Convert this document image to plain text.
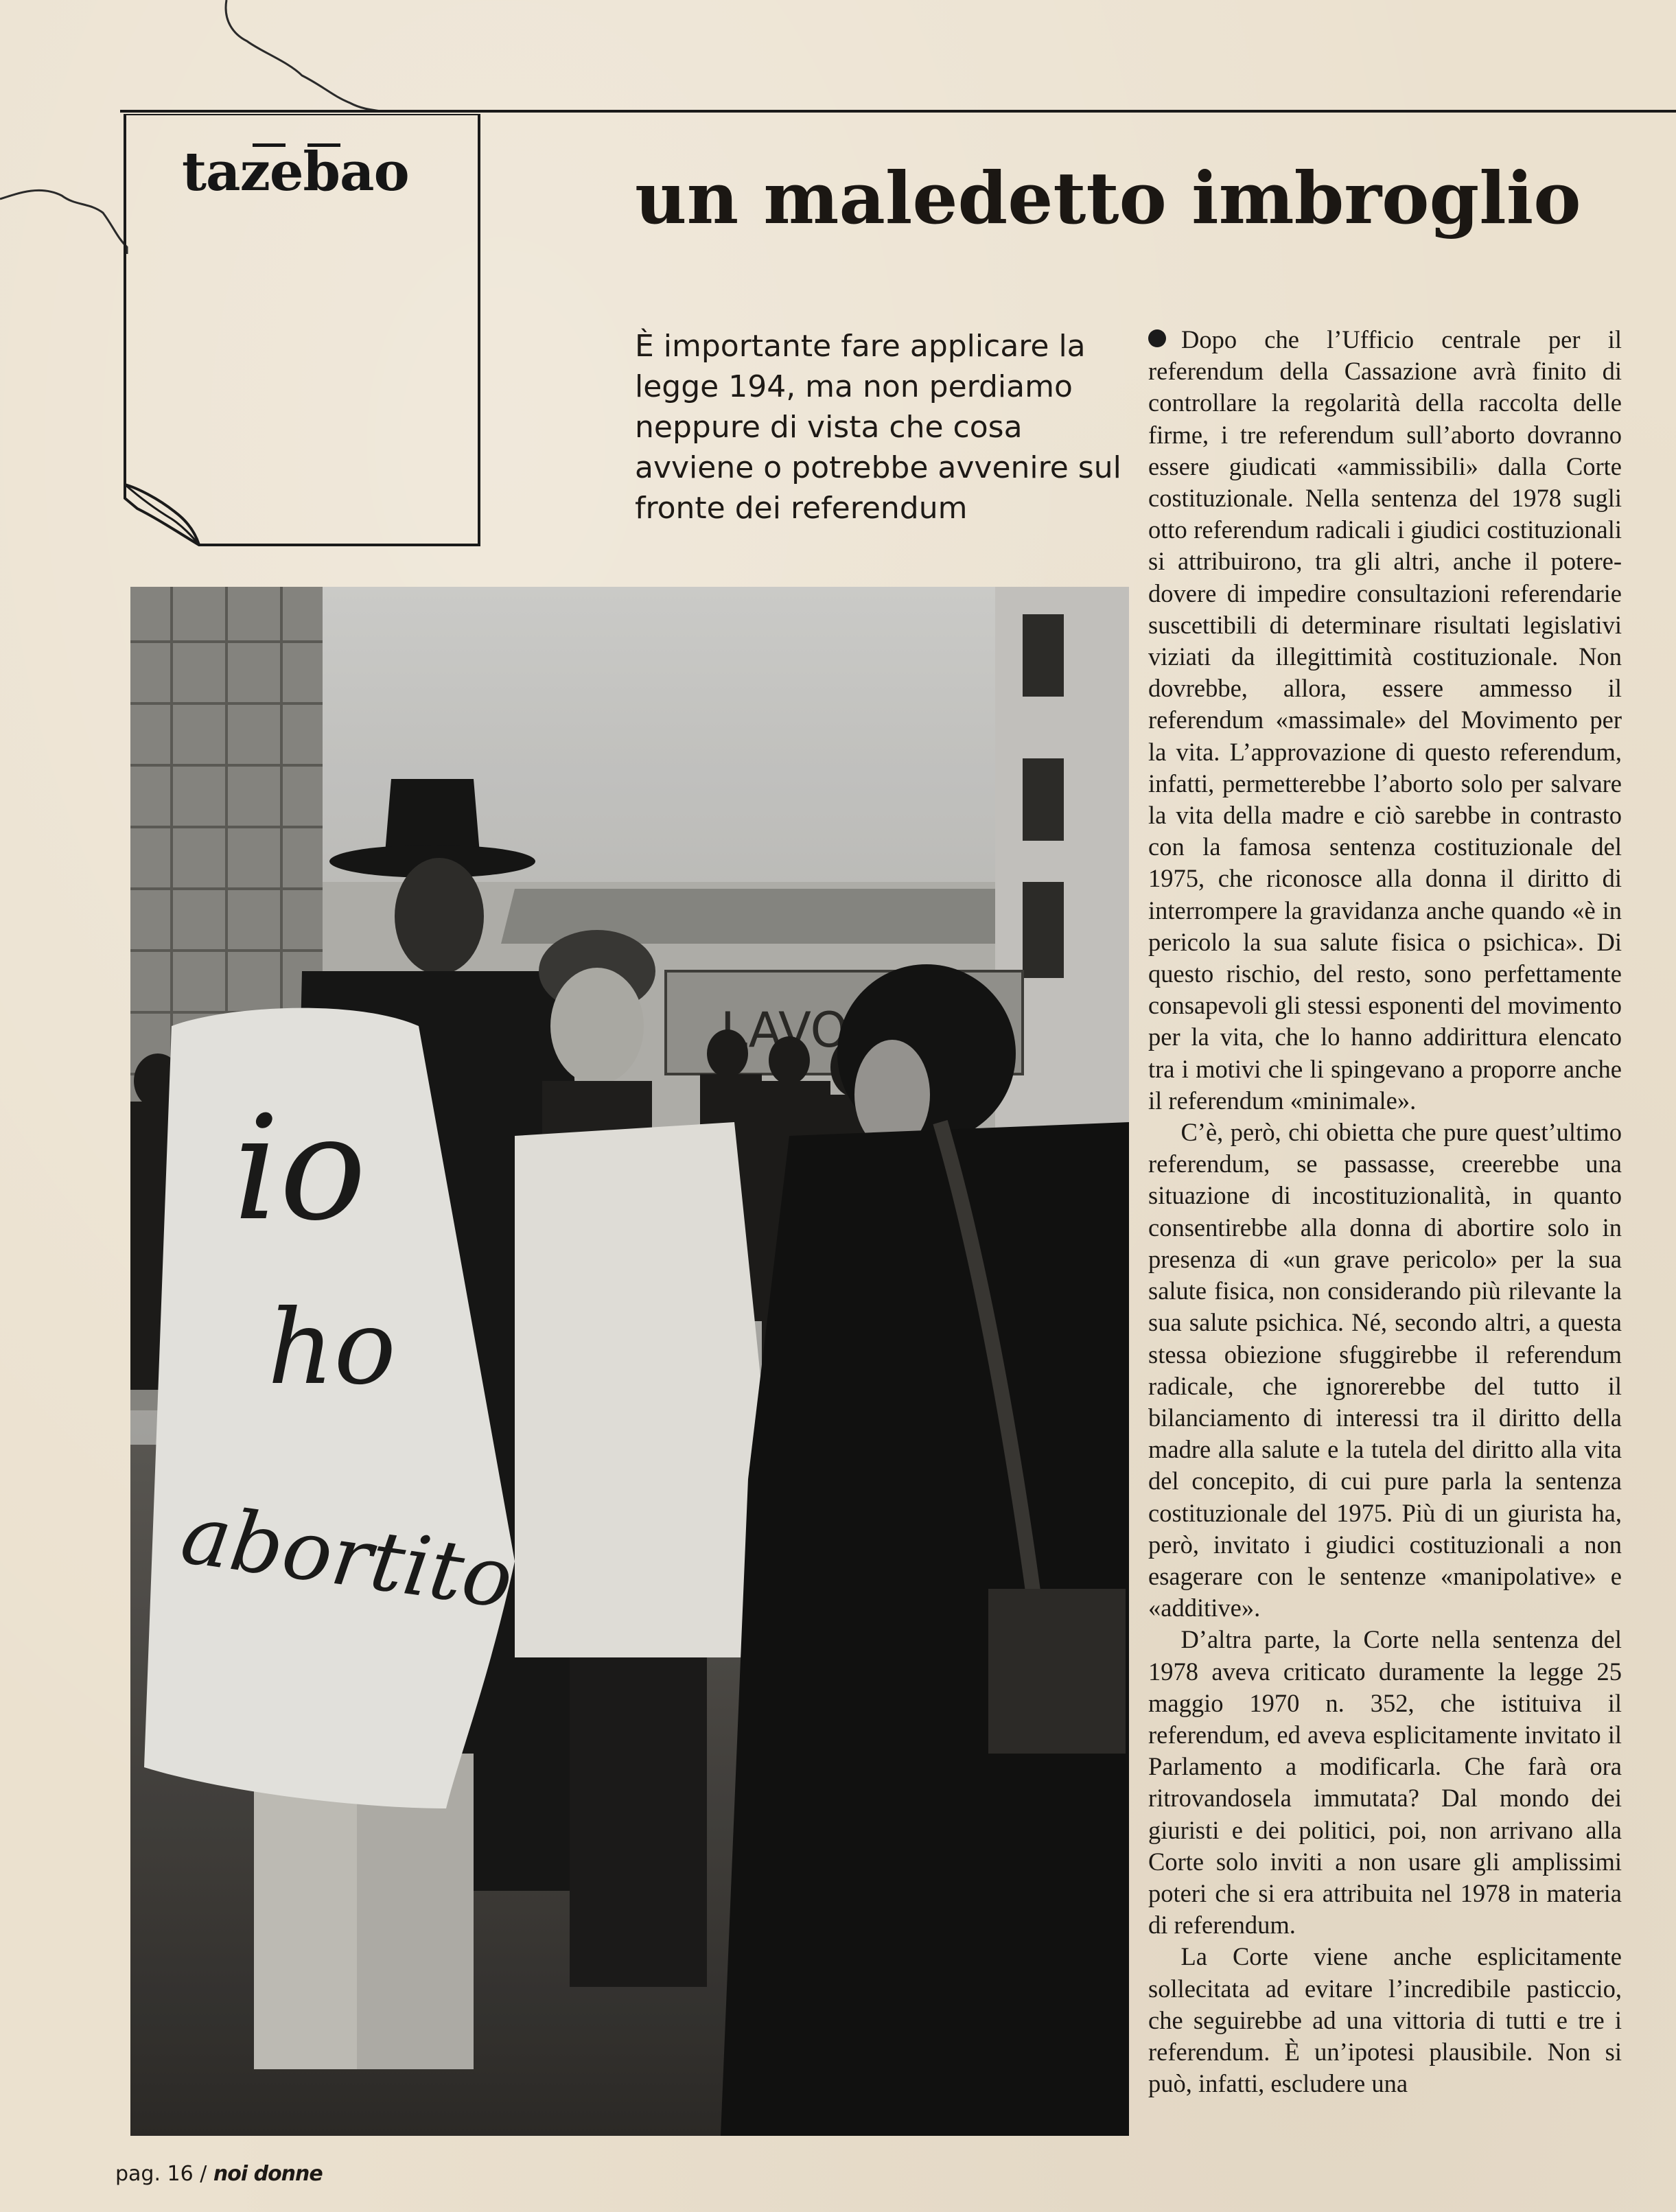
tazebao	un maledetto imbroglio
È importante fare applicare la legge 194, ma non perdiamo neppure di vista che cosa avviene o potrebbe avvenire sul fronte dei referendum

Dopo che l’Ufficio centrale per il referendum della Cassazione avrà finito di controllare la regolarità della raccolta delle firme, i tre referendum sull’aborto dovranno essere giudicati «ammissibili» dalla Corte costituzionale. Nella sentenza del 1978 sugli otto referendum radicali i giudici costituzionali si attribuirono, tra gli altri, anche il potere-dovere di impedire consultazioni referendarie suscettibili di determinare risultati legislativi viziati da illegittimità costituzionale. Non dovrebbe, allora, essere ammesso il referendum «massimale» del Movimento per la vita. L’approvazione di questo referendum, infatti, permetterebbe l’aborto solo per salvare la vita della madre e ciò sarebbe in contrasto con la famosa sentenza costituzionale del 1975, che riconosce alla donna il diritto di interrompere la gravidanza anche quando «è in pericolo la sua salute fisica o psichica». Di questo rischio, del resto, sono perfettamente consapevoli gli stessi esponenti del movimento per la vita, che lo hanno addirittura elencato tra i motivi che li spingevano a proporre anche il referendum «minimale».

C’è, però, chi obietta che pure quest’ultimo referendum, se passasse, creerebbe una situazione di incostituzionalità, in quanto consentirebbe alla donna di abortire solo in presenza di «un grave pericolo» per la sua salute fisica, non considerando più rilevante la sua salute psichica. Né, secondo altri, a questa stessa obiezione sfuggirebbe il referendum radicale, che ignorerebbe del tutto il bilanciamento di interessi tra il diritto della madre alla salute e la tutela del diritto alla vita del concepito, di cui pure parla la sentenza costituzionale del 1975. Più di un giurista ha, però, invitato i giudici costituzionali a non esagerare con le sentenze «manipolative» e «additive».

D’altra parte, la Corte nella sentenza del 1978 aveva criticato duramente la legge 25 maggio 1970 n. 352, che istituiva il referendum, ed aveva esplicitamente invitato il Parlamento a modificarla. Che farà ora ritrovandosela immutata? Dal mondo dei giuristi e dei politici, poi, non arrivano alla Corte solo inviti a non usare gli amplissimi poteri che si era attribuita nel 1978 in materia di referendum.

La Corte viene anche esplicitamente sollecitata ad evitare l’incredibile pasticcio, che seguirebbe ad una vittoria di tutti e tre i referendum. È un’ipotesi plausibile. Non si può, infatti, escludere una

pag. 16 / noi donne
